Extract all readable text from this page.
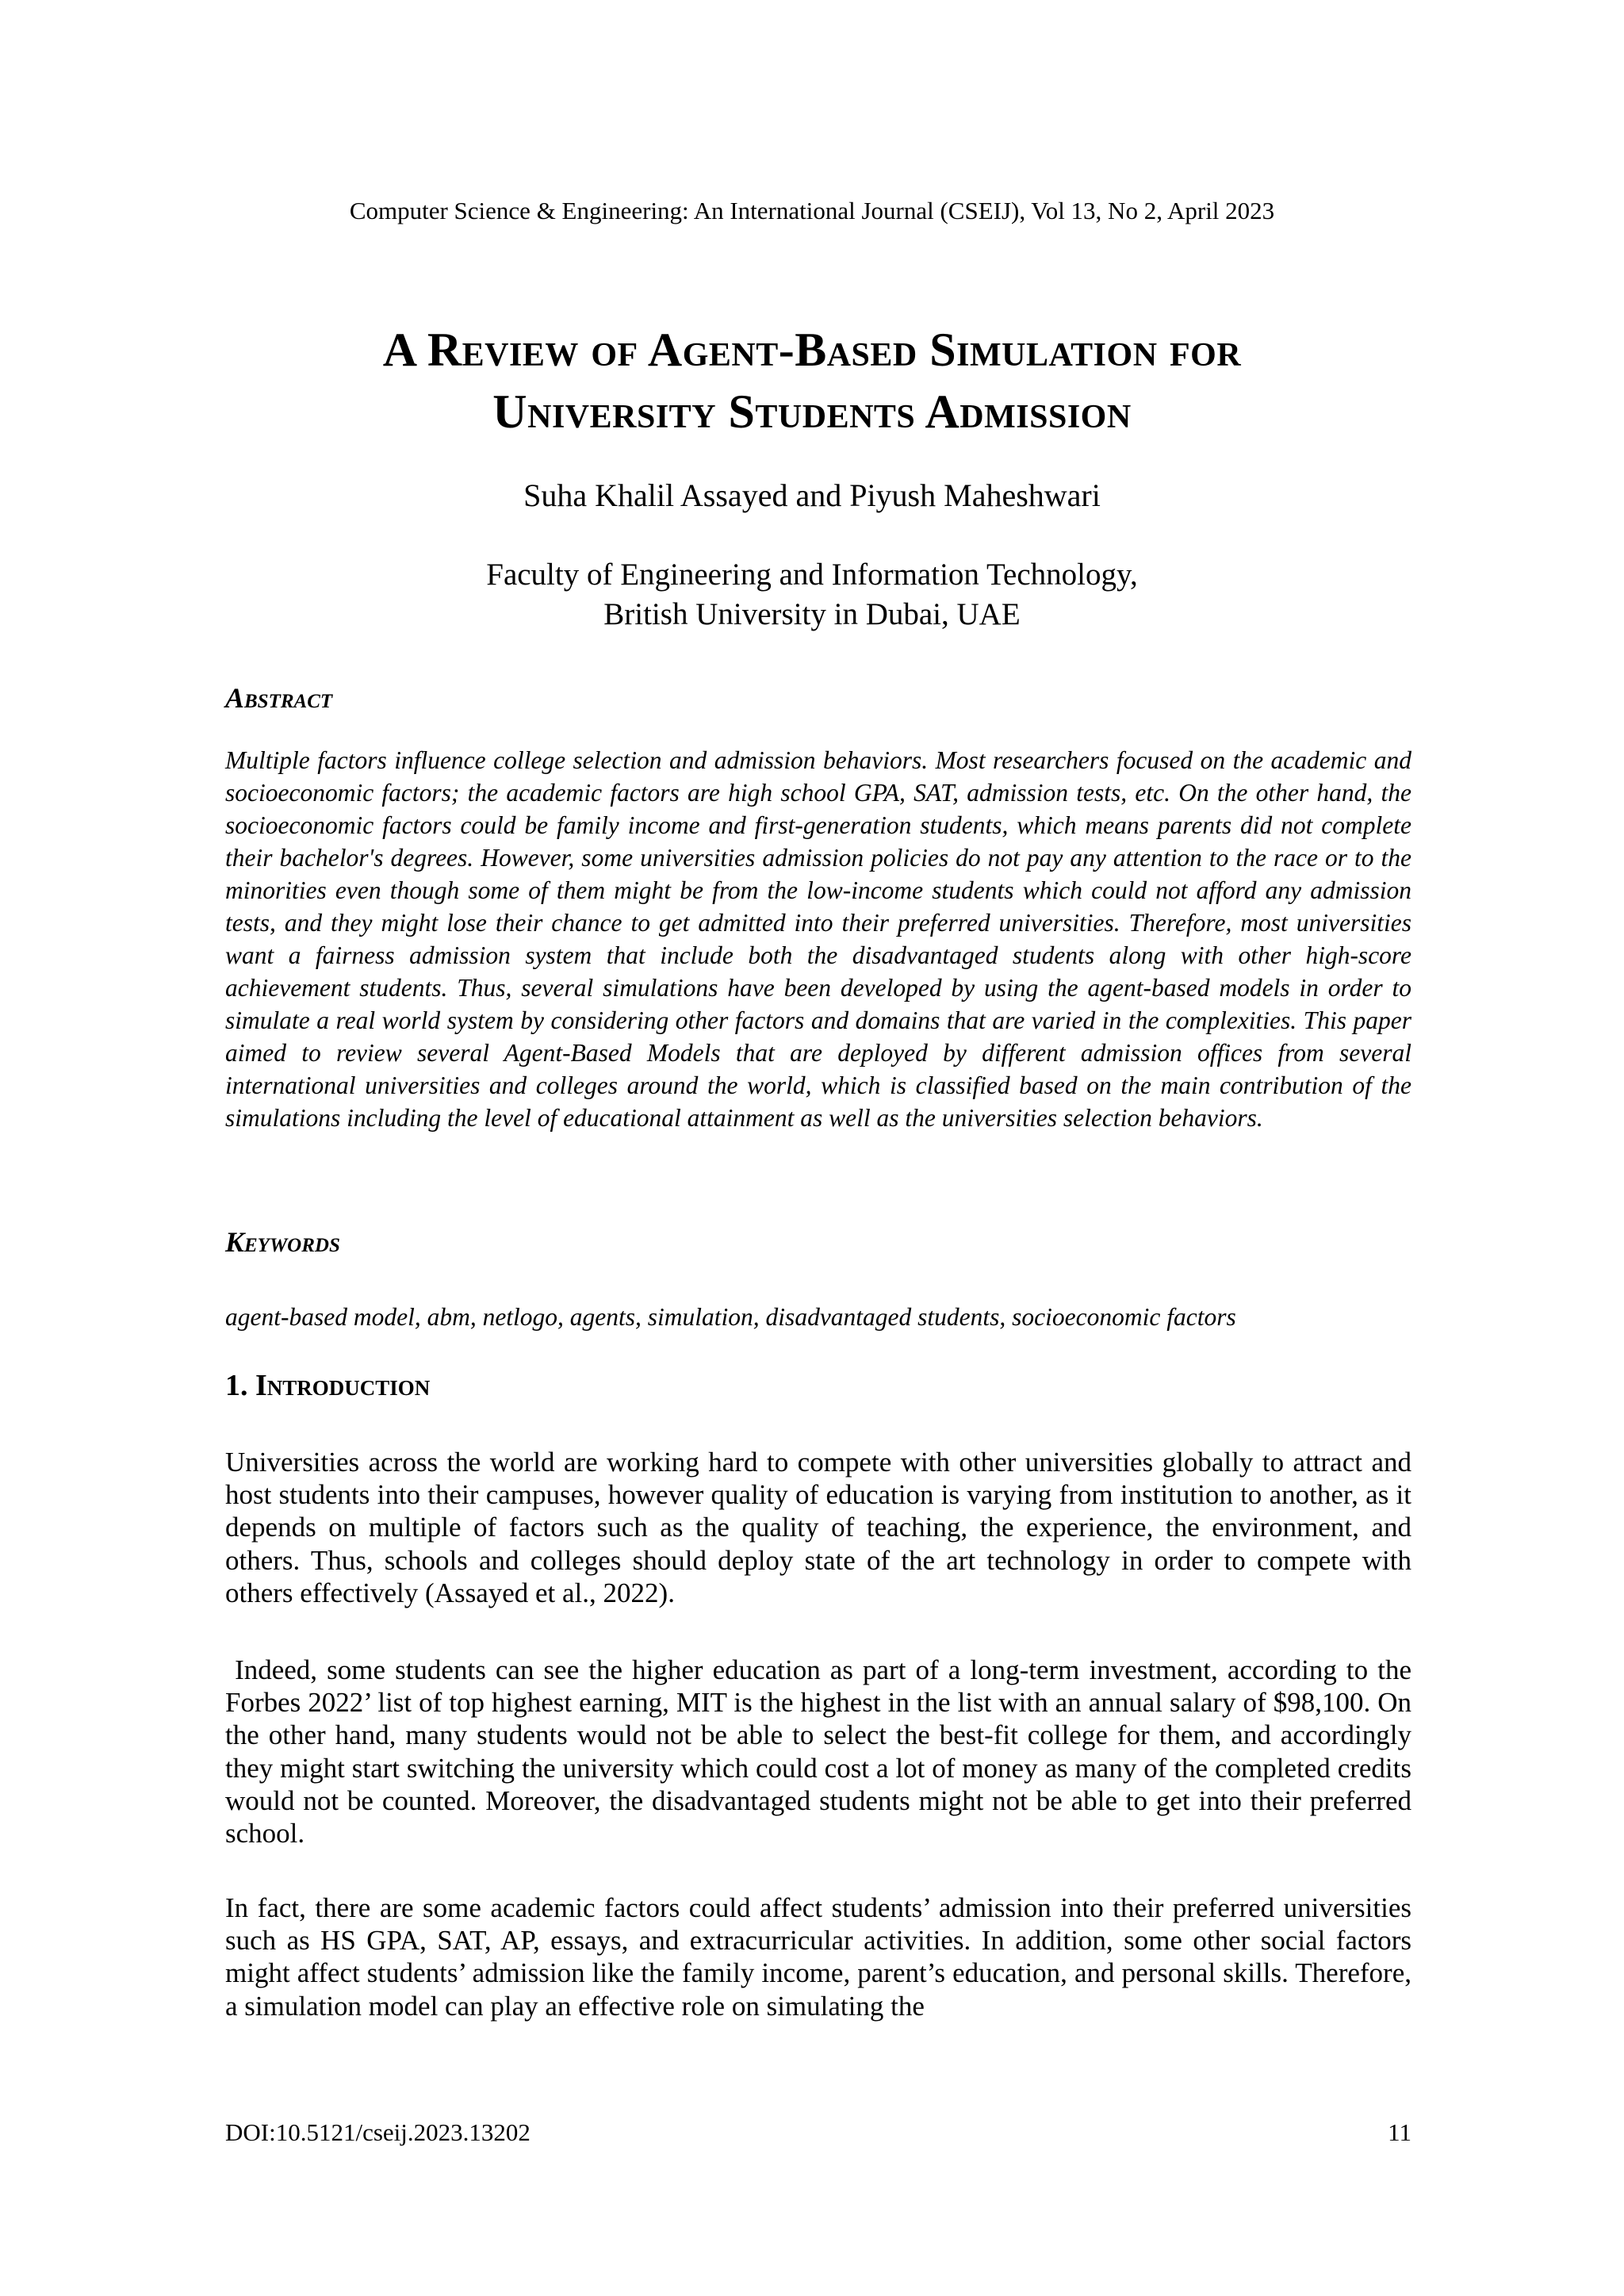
Computer Science & Engineering: An International Journal (CSEIJ), Vol 13, No 2, April 2023
A Review of Agent-Based Simulation for
University Students Admission
Suha Khalil Assayed and Piyush Maheshwari
Faculty of Engineering and Information Technology,
British University in Dubai, UAE
Abstract

Multiple factors influence college selection and admission behaviors. Most researchers focused on the academic and socioeconomic factors; the academic factors are high school GPA, SAT, admission tests, etc. On the other hand, the socioeconomic factors could be family income and first-generation students, which means parents did not complete their bachelor's degrees. However, some universities admission policies do not pay any attention to the race or to the minorities even though some of them might be from the low-income students which could not afford any admission tests, and they might lose their chance to get admitted into their preferred universities. Therefore, most universities want a fairness admission system that include both the disadvantaged students along with other high-score achievement students. Thus, several simulations have been developed by using the agent-based models in order to simulate a real world system by considering other factors and domains that are varied in the complexities. This paper aimed to review several Agent-Based Models that are deployed by different admission offices from several international universities and colleges around the world, which is classified based on the main contribution of the simulations including the level of educational attainment as well as the universities selection behaviors.

Keywords

agent-based model, abm, netlogo, agents, simulation, disadvantaged students, socioeconomic factors

1. Introduction

Universities across the world are working hard to compete with other universities globally to attract and host students into their campuses, however quality of education is varying from institution to another, as it depends on multiple of factors such as the quality of teaching, the experience, the environment, and others. Thus, schools and colleges should deploy state of the art technology in order to compete with others effectively (Assayed et al., 2022).

Indeed, some students can see the higher education as part of a long-term investment, according to the Forbes 2022’ list of top highest earning, MIT is the highest in the list with an annual salary of $98,100. On the other hand, many students would not be able to select the best-fit college for them, and accordingly they might start switching the university which could cost a lot of money as many of the completed credits would not be counted. Moreover, the disadvantaged students might not be able to get into their preferred school.

In fact, there are some academic factors could affect students’ admission into their preferred universities such as HS GPA, SAT, AP, essays, and extracurricular activities. In addition, some other social factors might affect students’ admission like the family income, parent’s education, and personal skills. Therefore, a simulation model can play an effective role on simulating the

DOI:10.5121/cseij.2023.13202	11
